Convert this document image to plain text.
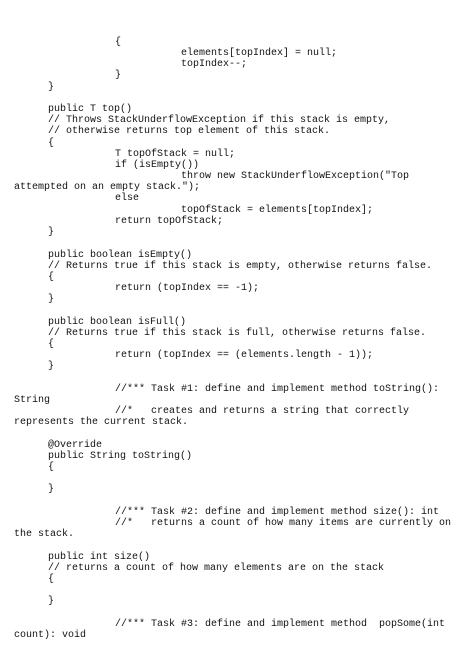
{
elements[topIndex] = null;
topIndex--;
}
}
public T top()
// Throws StackUnderflowException if this stack is empty,
// otherwise returns top element of this stack.
{
T topOfStack = null;
if (isEmpty())
throw new StackUnderflowException("Top
attempted on an empty stack.");
else
topOfStack = elements[topIndex];
return topOfStack;
}
public boolean isEmpty()
// Returns true if this stack is empty, otherwise returns false.
{
return (topIndex == -1);
}
public boolean isFull()
// Returns true if this stack is full, otherwise returns false.
{
return (topIndex == (elements.length - 1));
}
//*** Task #1: define and implement method toString():
String
//*   creates and returns a string that correctly
represents the current stack.
@Override
public String toString()
{
}
//*** Task #2: define and implement method size(): int
//*   returns a count of how many items are currently on
the stack.
public int size()
// returns a count of how many elements are on the stack
{
}
//*** Task #3: define and implement method  popSome(int
count): void
